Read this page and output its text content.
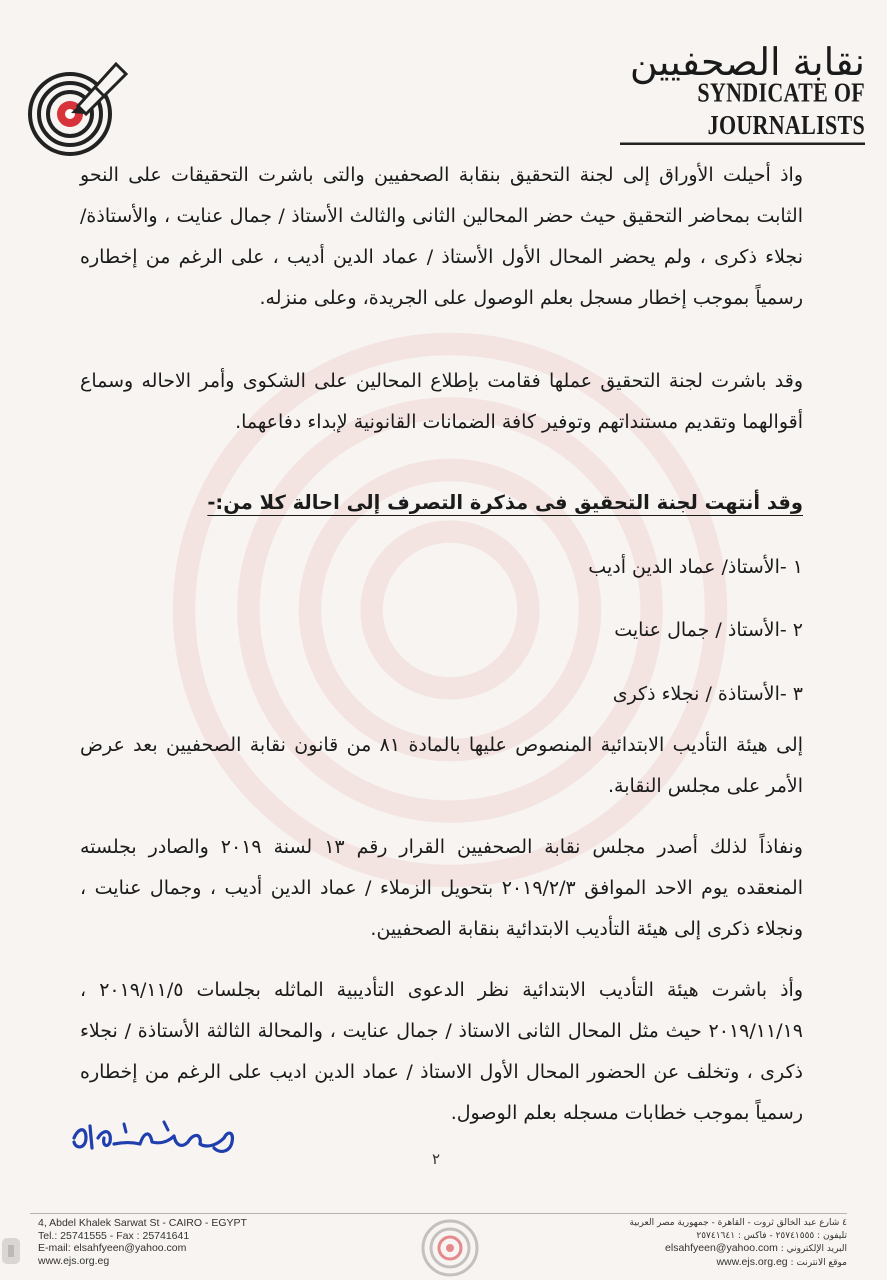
نقابة الصحفيين
SYNDICATE OF JOURNALISTS

واذ أحيلت الأوراق إلى لجنة التحقيق بنقابة الصحفيين والتى باشرت التحقيقات على النحو الثابت بمحاضر التحقيق حيث حضر المحالين الثانى والثالث الأستاذ / جمال عنايت ، والأستاذة/ نجلاء ذكرى ، ولم يحضر المحال الأول الأستاذ / عماد الدين أديب ، على الرغم من إخطاره رسمياً بموجب إخطار مسجل بعلم الوصول على الجريدة، وعلى منزله.

وقد باشرت لجنة التحقيق عملها فقامت بإطلاع المحالين على الشكوى وأمر الاحاله وسماع أقوالهما وتقديم مستنداتهم وتوفير كافة الضمانات القانونية لإبداء دفاعهما.

وقد أنتهت لجنة التحقيق فى مذكرة التصرف إلى احالة كلا من:-

١ -الأستاذ/ عماد الدين أديب
٢ -الأستاذ / جمال عنايت
٣ -الأستاذة / نجلاء ذكرى

إلى هيئة التأديب الابتدائية المنصوص عليها بالمادة ٨١ من قانون نقابة الصحفيين بعد عرض الأمر على مجلس النقابة.

ونفاذاً لذلك أصدر مجلس نقابة الصحفيين القرار رقم ١٣ لسنة ٢٠١٩ والصادر بجلسته المنعقده يوم الاحد الموافق ٢٠١٩/٢/٣ بتحويل الزملاء / عماد الدين أديب ، وجمال عنايت ، ونجلاء ذكرى إلى هيئة التأديب الابتدائية بنقابة الصحفيين.

وأذ باشرت هيئة التأديب الابتدائية نظر الدعوى التأديبية الماثله بجلسات ٢٠١٩/١١/٥ ، ٢٠١٩/١١/١٩ حيث مثل المحال الثانى الاستاذ / جمال عنايت ، والمحالة الثالثة الأستاذة / نجلاء ذكرى ، وتخلف عن الحضور المحال الأول الاستاذ / عماد الدين اديب على الرغم من إخطاره رسمياً بموجب خطابات مسجله بعلم الوصول.

٢
4, Abdel Khalek Sarwat St - CAIRO - EGYPT
Tel.: 25741555 - Fax : 25741641
E-mail: elsahfyeen@yahoo.com
www.ejs.org.eg
٤ شارع عبد الخالق ثروت - القاهرة - جمهورية مصر العربية
تليفون : ٢٥٧٤١٥٥٥ - فاكس : ٢٥٧٤١٦٤١
البريد الإلكتروني : elsahfyeen@yahoo.com
موقع الانترنت : www.ejs.org.eg
